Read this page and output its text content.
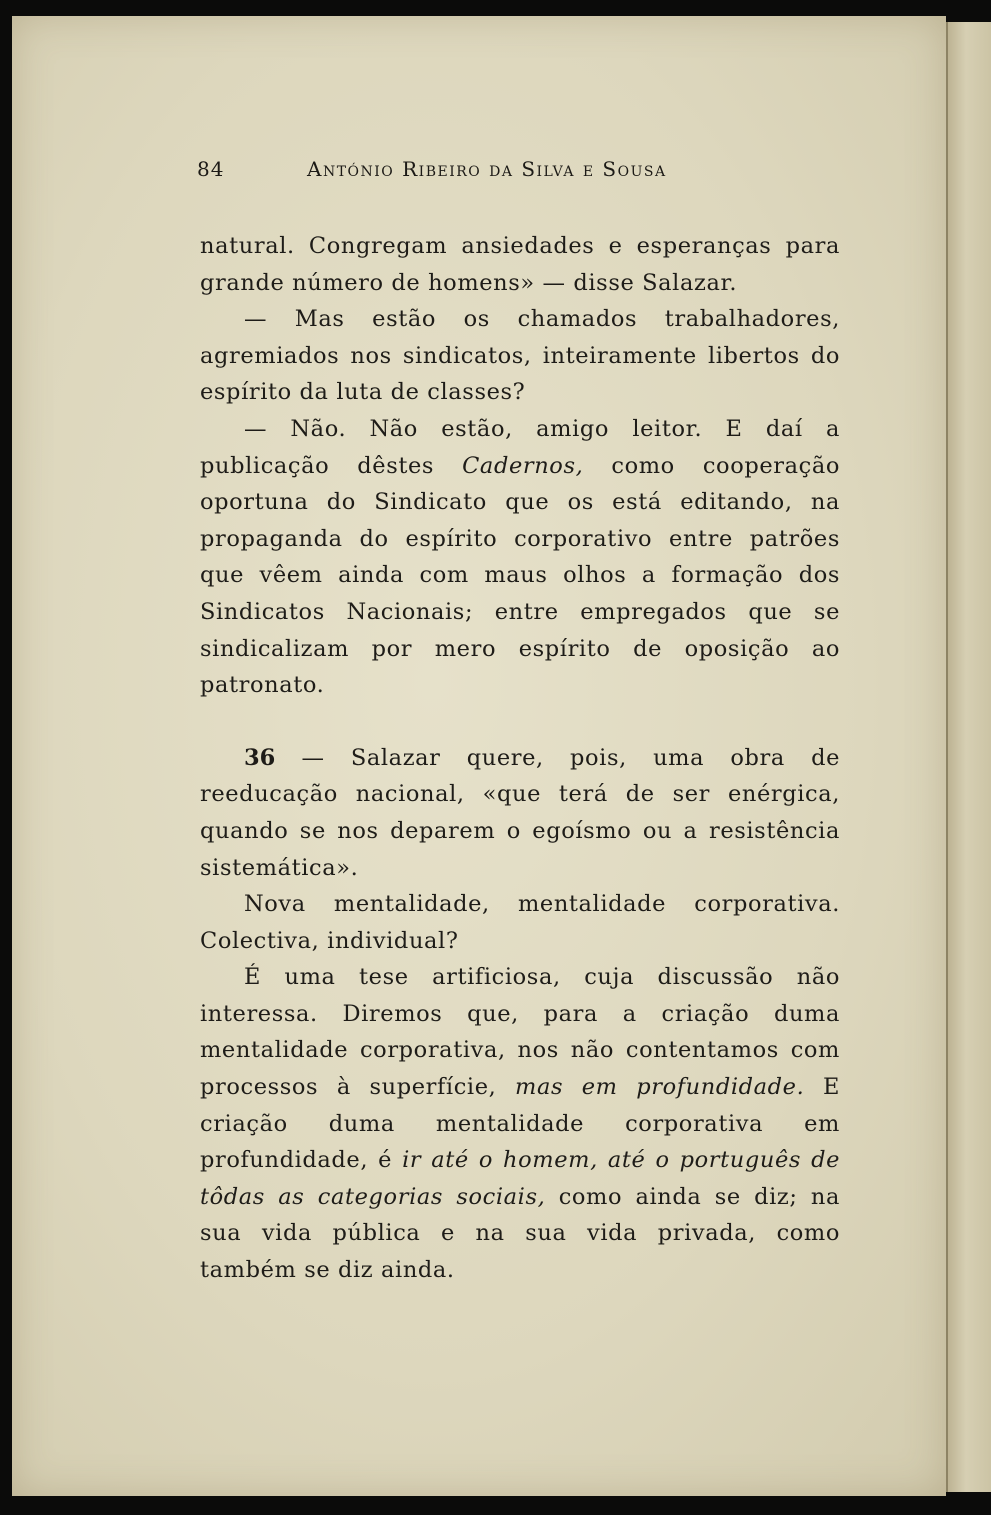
84	António Ribeiro da Silva e Sousa

natural. Congregam ansiedades e esperanças para grande número de homens» — disse Salazar.

— Mas estão os chamados trabalhadores, agremiados nos sindicatos, inteiramente libertos do espírito da luta de classes?

— Não. Não estão, amigo leitor. E daí a publicação dêstes Cadernos, como cooperação oportuna do Sindicato que os está editando, na propaganda do espírito corporativo entre patrões que vêem ainda com maus olhos a formação dos Sindicatos Nacionais; entre empregados que se sindicalizam por mero espírito de oposição ao patronato.

36 — Salazar quere, pois, uma obra de reeducação nacional, «que terá de ser enérgica, quando se nos deparem o egoísmo ou a resistência sistemática».

Nova mentalidade, mentalidade corporativa. Colectiva, individual?

É uma tese artificiosa, cuja discussão não interessa. Diremos que, para a criação duma mentalidade corporativa, nos não contentamos com processos à superfície, mas em profundidade. E criação duma mentalidade corporativa em profundidade, é ir até o homem, até o português de tôdas as categorias sociais, como ainda se diz; na sua vida pública e na sua vida privada, como também se diz ainda.
